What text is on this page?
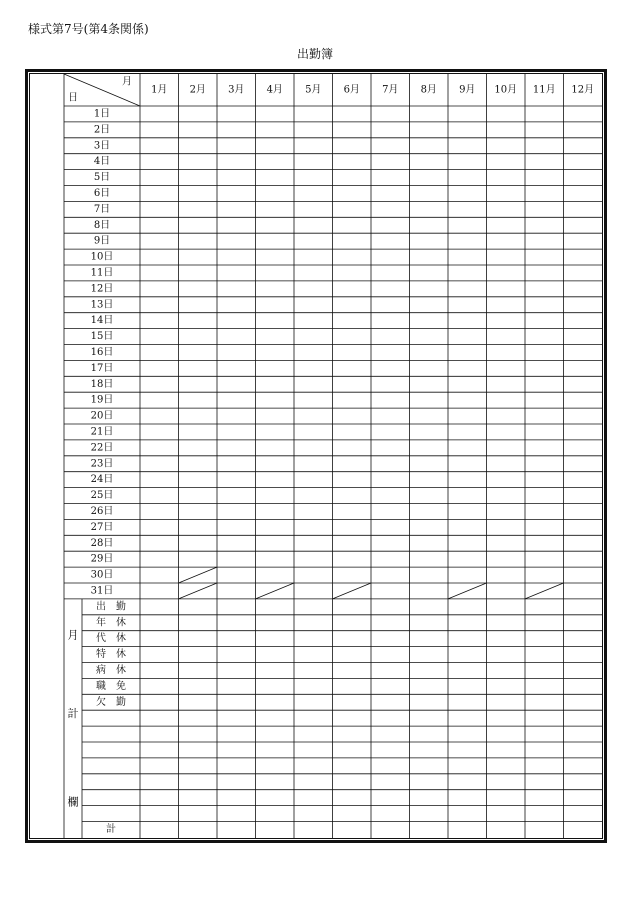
様式第7号(第4条関係)
出勤簿
月
日
1月 2月 3月 4月 5月 6月 7月 8月 9月 10月 11月 12月
1日
2日
3日
4日
5日
6日
7日
8日
9日
10日
11日
12日
13日
14日
15日
16日
17日
18日
19日
20日
21日
22日
23日
24日
25日
26日
27日
28日
29日
30日
31日
出　勤
年　休
代　休
特　休
病　休
職　免
欠　勤
計
月
計
欄
